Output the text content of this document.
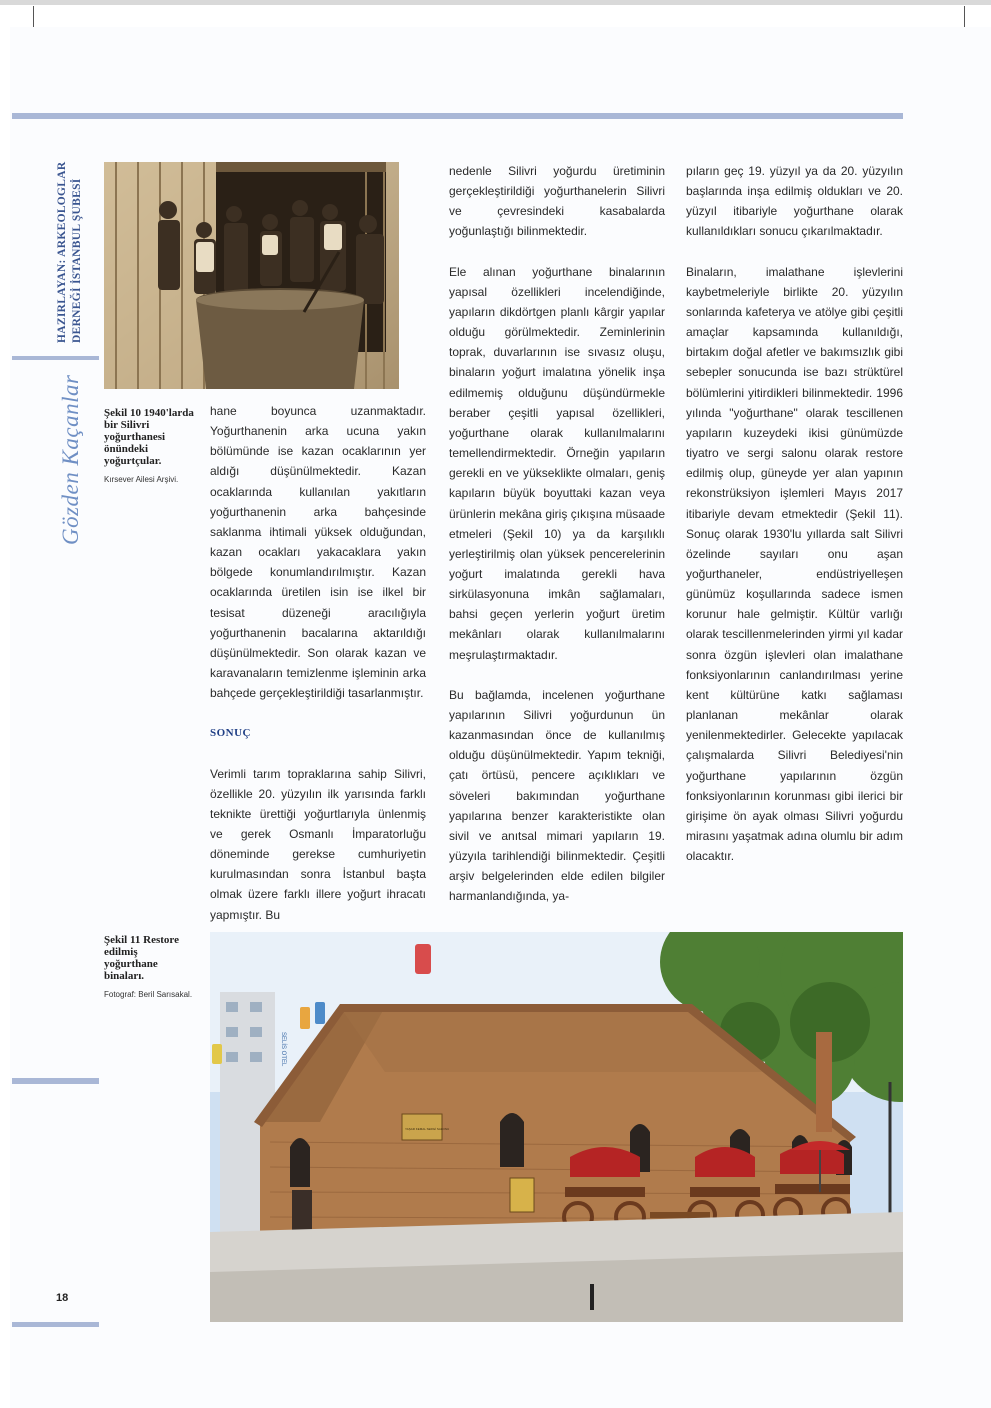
HAZIRLAYAN: ARKEOLOGLAR DERNEĞİ İSTANBUL ŞUBESİ
Gözden Kaçanlar
18
Şekil 10 1940'larda bir Silivri yoğurthanesi önündeki yoğurtçular.
Kırsever Ailesi Arşivi.

hane boyunca uzanmaktadır. Yoğurthanenin arka ucuna yakın bölümünde ise kazan ocaklarının yer aldığı düşünülmektedir. Kazan ocaklarında kullanılan yakıtların yoğurthanenin arka bahçesinde saklanma ihtimali yüksek olduğundan, kazan ocakları yakacaklara yakın bölgede konumlandırılmıştır. Kazan ocaklarında üretilen isin ise ilkel bir tesisat düzeneği aracılığıyla yoğurthanenin bacalarına aktarıldığı düşünülmektedir. Son olarak kazan ve karavanaların temizlenme işleminin arka bahçede gerçekleştirildiği tasarlanmıştır.

SONUÇ

Verimli tarım topraklarına sahip Silivri, özellikle 20. yüzyılın ilk yarısında farklı teknikte ürettiği yoğurtlarıyla ünlenmiş ve gerek Osmanlı İmparatorluğu döneminde gerekse cumhuriyetin kurulmasından sonra İstanbul başta olmak üzere farklı illere yoğurt ihracatı yapmıştır. Bu

nedenle Silivri yoğurdu üretiminin gerçekleştirildiği yoğurthanelerin Silivri ve çevresindeki kasabalarda yoğunlaştığı bilinmektedir.

Ele alınan yoğurthane binalarının yapısal özellikleri incelendiğinde, yapıların dikdörtgen planlı kârgir yapılar olduğu görülmektedir. Zeminlerinin toprak, duvarlarının ise sıvasız oluşu, binaların yoğurt imalatına yönelik inşa edilmemiş olduğunu düşündürmekle beraber çeşitli yapısal özellikleri, yoğurthane olarak kullanılmalarını temellendirmektedir. Örneğin yapıların gerekli en ve yükseklikte olmaları, geniş kapıların büyük boyuttaki kazan veya ürünlerin mekâna giriş çıkışına müsaade etmeleri (Şekil 10) ya da karşılıklı yerleştirilmiş olan yüksek pencerelerinin yoğurt imalatında gerekli hava sirkülasyonuna imkân sağlamaları, bahsi geçen yerlerin yoğurt üretim mekânları olarak kullanılmalarını meşrulaştırmaktadır.

Bu bağlamda, incelenen yoğurthane yapılarının Silivri yoğurdunun ün kazanmasından önce de kullanılmış olduğu düşünülmektedir. Yapım tekniği, çatı örtüsü, pencere açıklıkları ve söveleri bakımından yoğurthane yapılarına benzer karakteristikte olan sivil ve anıtsal mimari yapıların 19. yüzyıla tarihlendiği bilinmektedir. Çeşitli arşiv belgelerinden elde edilen bilgiler harmanlandığında, ya-

pıların geç 19. yüzyıl ya da 20. yüzyılın başlarında inşa edilmiş oldukları ve 20. yüzyıl itibariyle yoğurthane olarak kullanıldıkları sonucu çıkarılmaktadır.

Binaların, imalathane işlevlerini kaybetmeleriyle birlikte 20. yüzyılın sonlarında kafeterya ve atölye gibi çeşitli amaçlar kapsamında kullanıldığı, birtakım doğal afetler ve bakımsızlık gibi sebepler sonucunda ise bazı strüktürel bölümlerini yitirdikleri bilinmektedir. 1996 yılında "yoğurthane" olarak tescillenen yapıların kuzeydeki ikisi günümüzde tiyatro ve sergi salonu olarak restore edilmiş olup, güneyde yer alan yapının rekonstrüksiyon işlemleri Mayıs 2017 itibariyle devam etmektedir (Şekil 11). Sonuç olarak 1930'lu yıllarda salt Silivri özelinde sayıları onu aşan yoğurthaneler, endüstriyelleşen günümüz koşullarında sadece ismen korunur hale gelmiştir. Kültür varlığı olarak tescillenmelerinden yirmi yıl kadar sonra özgün işlevleri olan imalathane fonksiyonlarının canlandırılması yerine kent kültürüne katkı sağlaması planlanan mekânlar olarak yenilenmektedirler. Gelecekte yapılacak çalışmalarda Silivri Belediyesi'nin yoğurthane yapılarının özgün fonksiyonlarının korunması gibi ilerici bir girişime ön ayak olması Silivri yoğurdu mirasını yaşatmak adına olumlu bir adım olacaktır.

Şekil 11 Restore edilmiş yoğurthane binaları.
Fotograf: Beril Sarısakal.
SELİS OTEL
YAŞAR KEMAL SERGİ SALONU
